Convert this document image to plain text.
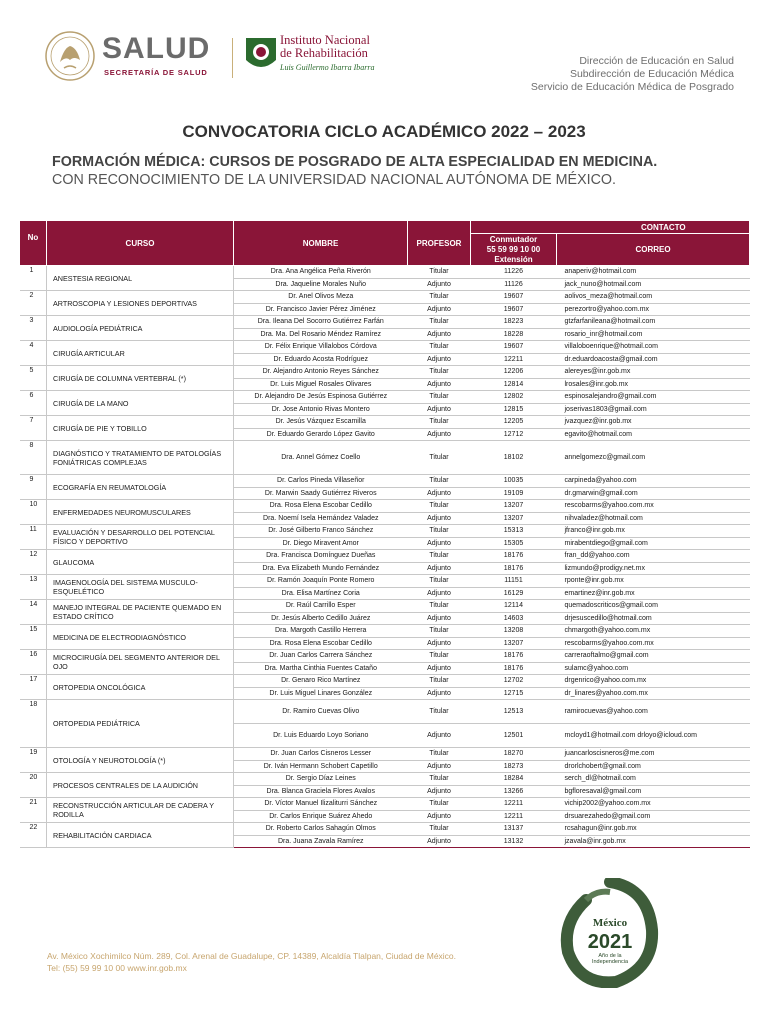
SALUD
SECRETARÍA DE SALUD
Instituto Nacional
de Rehabilitación
Luis Guillermo Ibarra Ibarra
Dirección de Educación en Salud
Subdirección de Educación Médica
Servicio de Educación Médica de Posgrado
CONVOCATORIA CICLO ACADÉMICO 2022 – 2023
FORMACIÓN MÉDICA: CURSOS DE POSGRADO DE ALTA ESPECIALIDAD EN MEDICINA.
CON RECONOCIMIENTO DE LA UNIVERSIDAD NACIONAL AUTÓNOMA DE MÉXICO.
No	CURSO	NOMBRE	PROFESOR	CONTACTO	

				Conmutador
55 59 99 10 00
Extensión	CORREO
1	ANESTESIA REGIONAL	Dra. Ana Angélica Peña Riverón	Titular	11226	anaperiv@hotmail.com
		Dra. Jaqueline Morales Nuño	Adjunto	11126	jack_nuno@hotmail.com
2	ARTROSCOPIA Y LESIONES DEPORTIVAS	Dr. Anel Olivos Meza	Titular	19607	aolivos_meza@hotmail.com
		Dr. Francisco Javier Pérez Jiménez	Adjunto	19607	perezortro@yahoo.com.mx
3	AUDIOLOGÍA PEDIÁTRICA	Dra. Ileana Del Socorro Gutiérrez Farfán	Titular	18223	gtzfarfanileana@hotmail.com
		Dra. Ma. Del Rosario Méndez Ramírez	Adjunto	18228	rosario_inr@hotmail.com
4	CIRUGÍA ARTICULAR	Dr. Félix Enrique Villalobos Córdova	Titular	19607	villaloboenrique@hotmail.com
		Dr. Eduardo Acosta Rodríguez	Adjunto	12211	dr.eduardoacosta@gmail.com
5	CIRUGÍA DE COLUMNA VERTEBRAL (*)	Dr. Alejandro Antonio Reyes Sánchez	Titular	12206	alereyes@inr.gob.mx
		Dr. Luis Miguel Rosales Olivares	Adjunto	12814	lrosales@inr.gob.mx
6	CIRUGÍA DE LA MANO	Dr. Alejandro De Jesús Espinosa Gutiérrez	Titular	12802	espinosalejandro@gmail.com
		Dr. Jose Antonio Rivas Montero	Adjunto	12815	joserivas1803@gmail.com
7	CIRUGÍA DE PIE Y TOBILLO	Dr. Jesús Vázquez Escamilla	Titular	12205	jvazquez@inr.gob.mx
		Dr. Eduardo Gerardo López Gavito	Adjunto	12712	egavito@hotmail.com
8	DIAGNÓSTICO Y TRATAMIENTO DE PATOLOGÍAS FONIÁTRICAS COMPLEJAS	Dra. Annel Gómez Coello	Titular	18102	annelgomezc@gmail.com
9	ECOGRAFÍA EN REUMATOLOGÍA	Dr. Carlos Pineda Villaseñor	Titular	10035	carpineda@yahoo.com
		Dr. Marwin Saady Gutiérrez Riveros	Adjunto	19109	dr.gmarwin@gmail.com
10	ENFERMEDADES NEUROMUSCULARES	Dra. Rosa Elena Escobar Cedillo	Titular	13207	rescobarms@yahoo.com.mx
		Dra. Noemí Isela Hernández Valadez	Adjunto	13207	nihvaladez@hotmail.com
11	EVALUACIÓN Y DESARROLLO DEL POTENCIAL FÍSICO Y DEPORTIVO	Dr. José Gilberto Franco Sánchez	Titular	15313	jfranco@inr.gob.mx
		Dr. Diego Miravent Amor	Adjunto	15305	mirabentdiego@gmail.com
12	GLAUCOMA	Dra. Francisca Domínguez Dueñas	Titular	18176	fran_dd@yahoo.com
		Dra. Eva Elizabeth Mundo Fernández	Adjunto	18176	lizmundo@prodigy.net.mx
13	IMAGENOLOGÍA DEL SISTEMA MUSCULO-ESQUELÉTICO	Dr. Ramón Joaquín Ponte Romero	Titular	11151	rponte@inr.gob.mx
		Dra. Elisa Martínez Coria	Adjunto	16129	emartinez@inr.gob.mx
14	MANEJO INTEGRAL DE PACIENTE QUEMADO EN ESTADO CRÍTICO	Dr. Raúl Carrillo Esper	Titular	12114	quemadoscriticos@gmail.com
		Dr. Jesús Alberto Cedillo Juárez	Adjunto	14603	drjesuscedillo@hotmail.com
15	MEDICINA DE ELECTRODIAGNÓSTICO	Dra. Margoth Castillo Herrera	Titular	13208	chmargoth@yahoo.com.mx
		Dra. Rosa Elena Escobar Cedillo	Adjunto	13207	rescobarms@yahoo.com.mx
16	MICROCIRUGÍA DEL SEGMENTO ANTERIOR DEL OJO	Dr. Juan Carlos Carrera Sánchez	Titular	18176	carreraoftalmo@gmail.com
		Dra. Martha Cinthia Fuentes Cataño	Adjunto	18176	sulamc@yahoo.com
17	ORTOPEDIA ONCOLÓGICA	Dr. Genaro Rico Martínez	Titular	12702	drgenrico@yahoo.com.mx
		Dr. Luis Miguel Linares González	Adjunto	12715	dr_linares@yahoo.com.mx
18	ORTOPEDIA PEDIÁTRICA	Dr. Ramiro Cuevas Olivo	Titular	12513	ramirocuevas@yahoo.com
		Dr. Luis Eduardo Loyo Soriano	Adjunto	12501	mcloyd1@hotmail.com drloyo@icloud.com
19	OTOLOGÍA Y NEUROTOLOGÍA (*)	Dr. Juan Carlos Cisneros Lesser	Titular	18270	juancarloscisneros@me.com
		Dr. Iván Hermann Schobert Capetillo	Adjunto	18273	drorlchobert@gmail.com
20	PROCESOS CENTRALES DE LA AUDICIÓN	Dr. Sergio Díaz Leines	Titular	18284	serch_dl@hotmail.com
		Dra. Blanca Graciela Flores Avalos	Adjunto	13266	bgfloresaval@gmail.com
21	RECONSTRUCCIÓN ARTICULAR DE CADERA Y RODILLA	Dr. Víctor Manuel Ilizaliturri Sánchez	Titular	12211	vichip2002@yahoo.com.mx
		Dr. Carlos Enrique Suárez Ahedo	Adjunto	12211	drsuarezahedo@gmail.com
22	REHABILITACIÓN CARDIACA	Dr. Roberto Carlos Sahagún Olmos	Titular	13137	rcsahagun@inr.gob.mx
		Dra. Juana Zavala Ramírez	Adjunto	13132	jzavala@inr.gob.mx
Av. México Xochimilco Núm. 289, Col. Arenal de Guadalupe, CP. 14389, Alcaldía Tlalpan, Ciudad de México.
Tel: (55) 59 99 10 00 www.inr.gob.mx
México
2021
Año de la
Independencia
